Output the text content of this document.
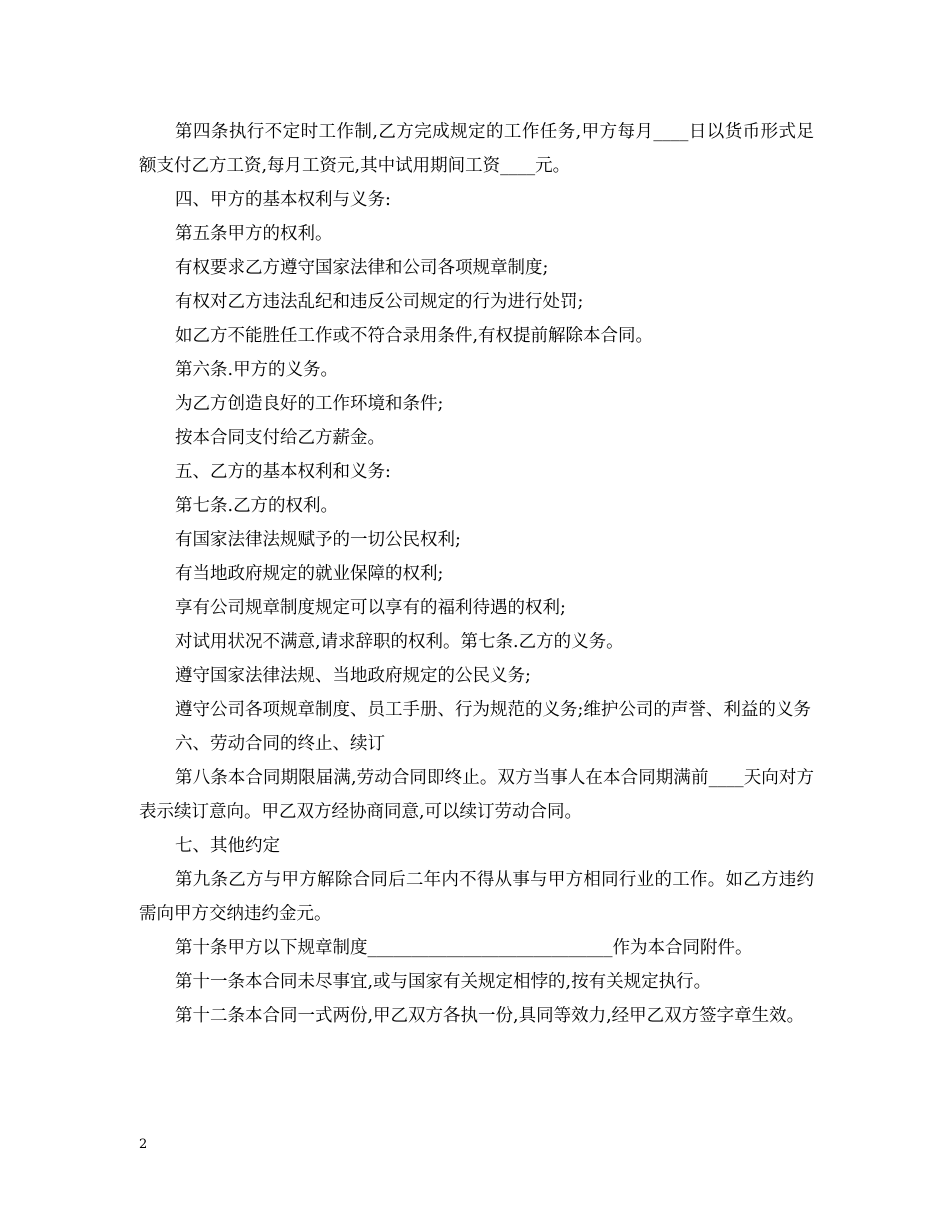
第四条执行不定时工作制,乙方完成规定的工作任务,甲方每月____日以货币形式足额支付乙方工资,每月工资元,其中试用期间工资____元。

四、甲方的基本权利与义务:

第五条甲方的权利。

有权要求乙方遵守国家法律和公司各项规章制度;

有权对乙方违法乱纪和违反公司规定的行为进行处罚;

如乙方不能胜任工作或不符合录用条件,有权提前解除本合同。

第六条.甲方的义务。

为乙方创造良好的工作环境和条件;

按本合同支付给乙方薪金。

五、乙方的基本权利和义务:

第七条.乙方的权利。

有国家法律法规赋予的一切公民权利;

有当地政府规定的就业保障的权利;

享有公司规章制度规定可以享有的福利待遇的权利;

对试用状况不满意,请求辞职的权利。第七条.乙方的义务。

遵守国家法律法规、当地政府规定的公民义务;

遵守公司各项规章制度、员工手册、行为规范的义务;维护公司的声誉、利益的义务

六、劳动合同的终止、续订

第八条本合同期限届满,劳动合同即终止。双方当事人在本合同期满前____天向对方表示续订意向。甲乙双方经协商同意,可以续订劳动合同。

七、其他约定

第九条乙方与甲方解除合同后二年内不得从事与甲方相同行业的工作。如乙方违约需向甲方交纳违约金元。

第十条甲方以下规章制度____________________________作为本合同附件。

第十一条本合同未尽事宜,或与国家有关规定相悖的,按有关规定执行。

第十二条本合同一式两份,甲乙双方各执一份,具同等效力,经甲乙双方签字章生效。

2
